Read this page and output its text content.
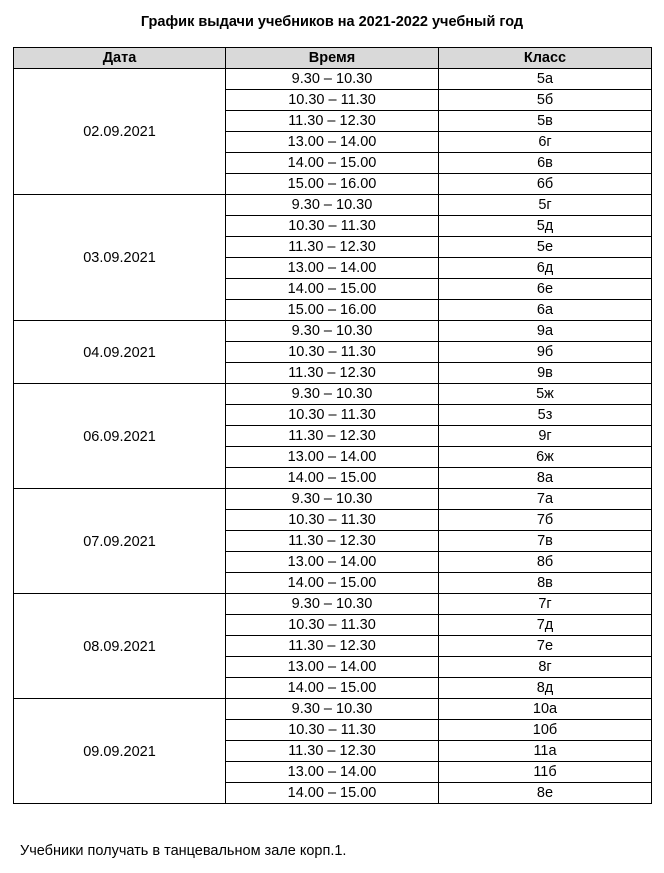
График выдачи учебников на 2021-2022 учебный год
Дата	Время	Класс
02.09.2021	9.30 – 10.30	5а
	10.30 – 11.30	5б
	11.30 – 12.30	5в
	13.00 – 14.00	6г
	14.00 – 15.00	6в
	15.00 – 16.00	6б
03.09.2021	9.30 – 10.30	5г
	10.30 – 11.30	5д
	11.30 – 12.30	5е
	13.00 – 14.00	6д
	14.00 – 15.00	6е
	15.00 – 16.00	6а
04.09.2021	9.30 – 10.30	9а
	10.30 – 11.30	9б
	11.30 – 12.30	9в
06.09.2021	9.30 – 10.30	5ж
	10.30 – 11.30	5з
	11.30 – 12.30	9г
	13.00 – 14.00	6ж
	14.00 – 15.00	8а
07.09.2021	9.30 – 10.30	7а
	10.30 – 11.30	7б
	11.30 – 12.30	7в
	13.00 – 14.00	8б
	14.00 – 15.00	8в
08.09.2021	9.30 – 10.30	7г
	10.30 – 11.30	7д
	11.30 – 12.30	7е
	13.00 – 14.00	8г
	14.00 – 15.00	8д
09.09.2021	9.30 – 10.30	10а
	10.30 – 11.30	10б
	11.30 – 12.30	11а
	13.00 – 14.00	11б
	14.00 – 15.00	8е
Учебники получать в танцевальном зале корп.1.
